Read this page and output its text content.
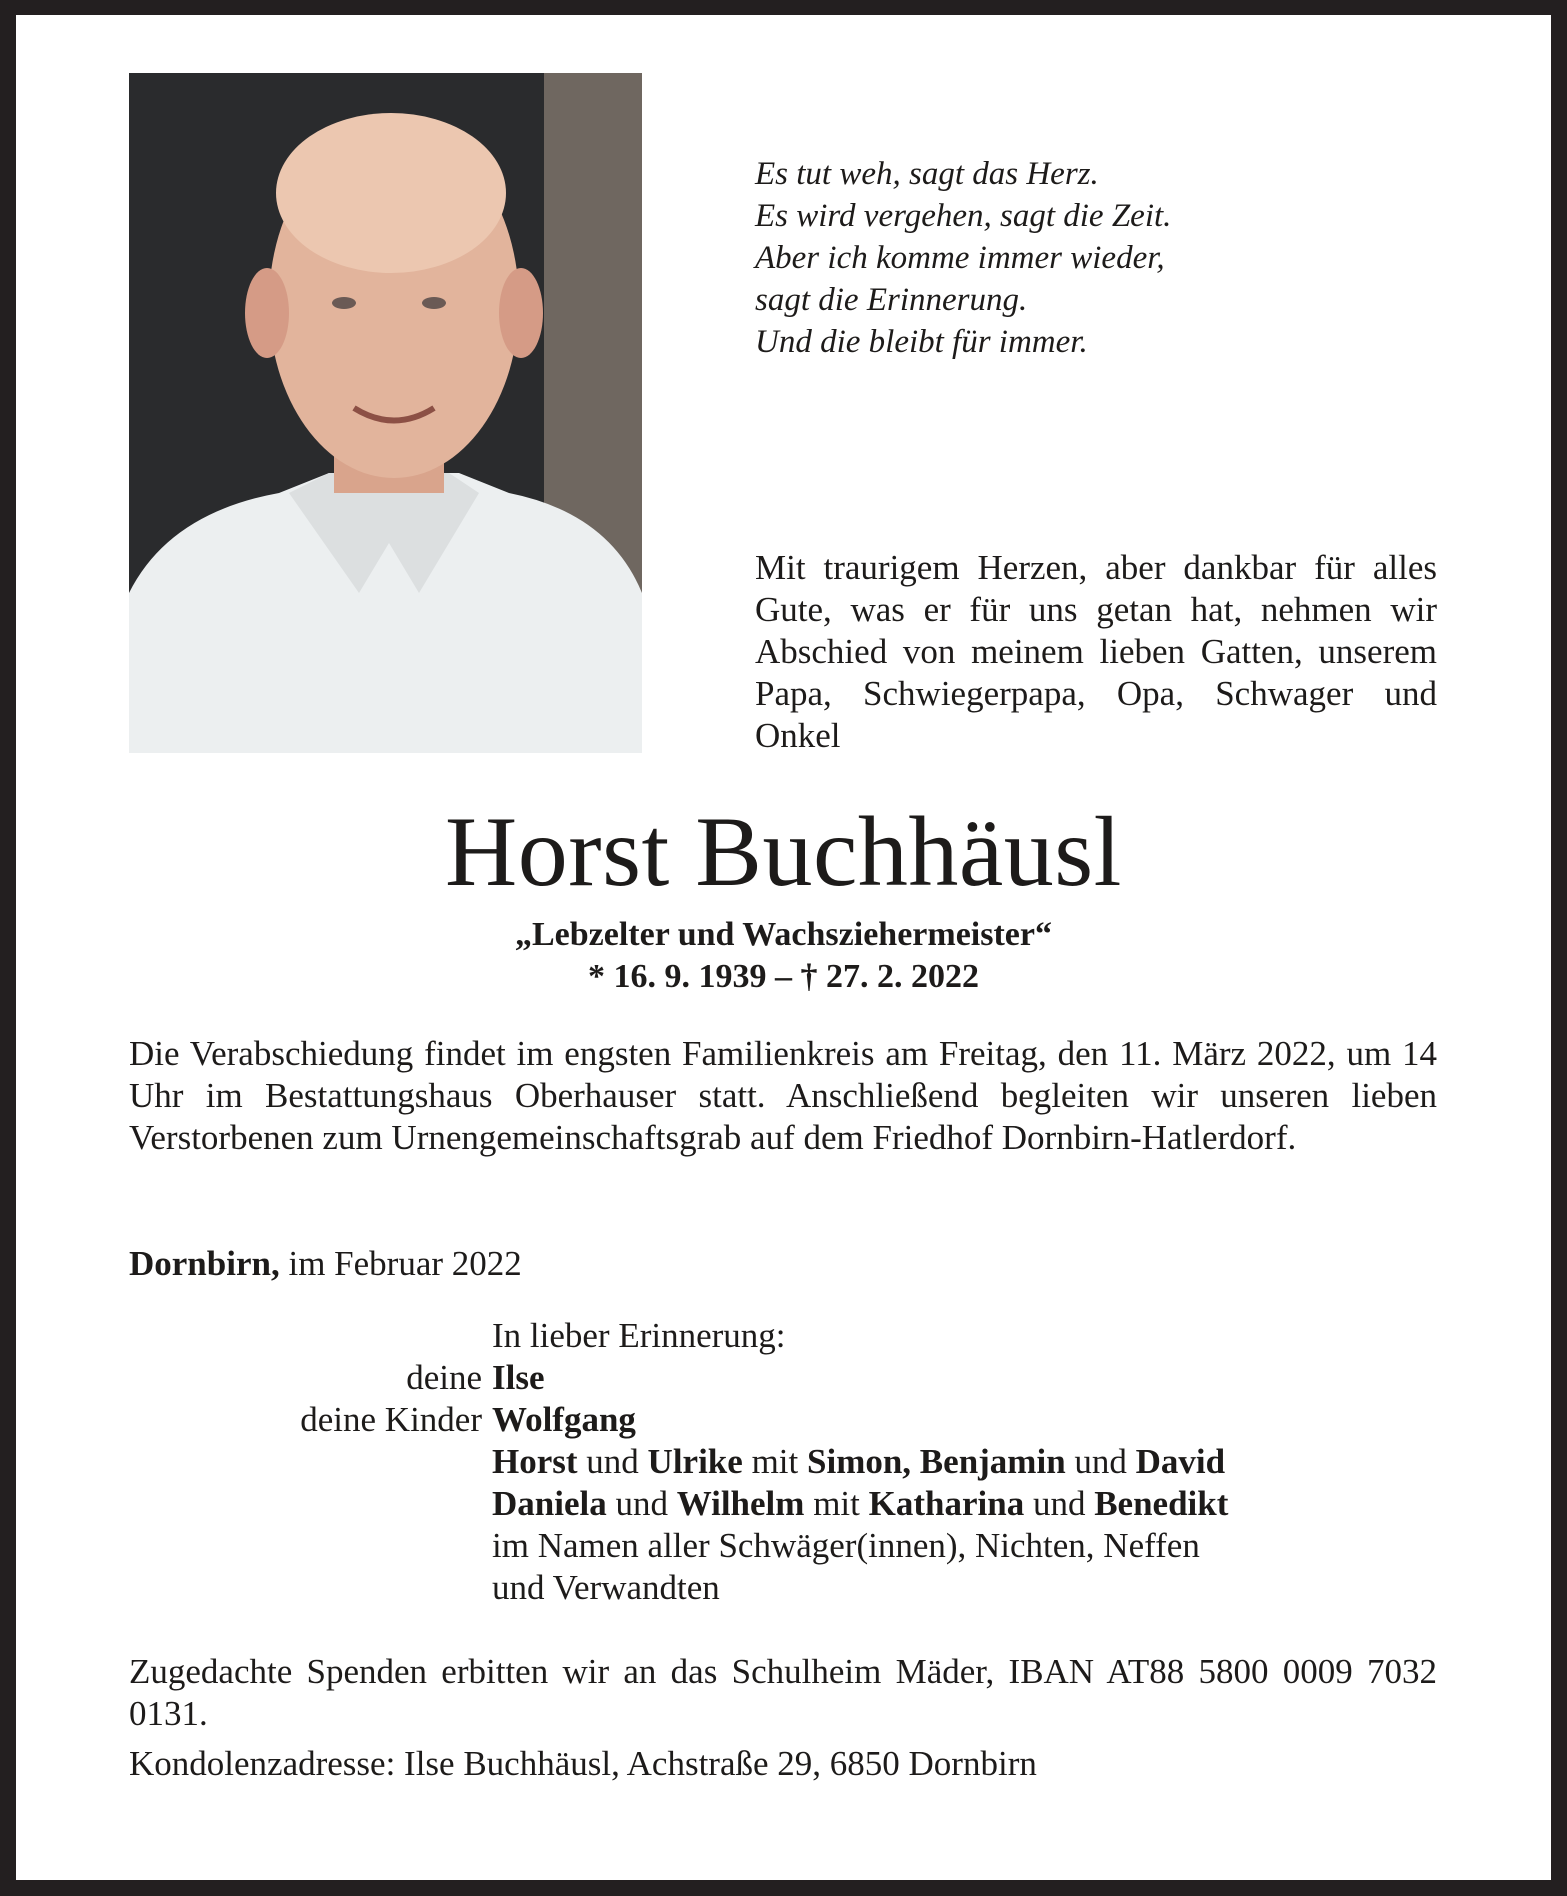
Es tut weh, sagt das Herz.
Es wird vergehen, sagt die Zeit.
Aber ich komme immer wieder,
sagt die Erinnerung.
Und die bleibt für immer.
Mit traurigem Herzen, aber dankbar für alles Gute, was er für uns getan hat, nehmen wir Abschied von meinem lieben Gatten, unserem Papa, Schwiegerpapa, Opa, Schwager und Onkel
Horst Buchhäusl
„Lebzelter und Wachsziehermeister“
* 16. 9. 1939 – † 27. 2. 2022
Die Verabschiedung findet im engsten Familienkreis am Freitag, den 11. März 2022, um 14 Uhr im Bestattungshaus Oberhauser statt. Anschließend begleiten wir unseren lieben Verstorbenen zum Urnengemeinschaftsgrab auf dem Friedhof Dornbirn-Hatlerdorf.
Dornbirn, im Februar 2022
In lieber Erinnerung:
deine Ilse
deine Kinder Wolfgang
Horst und Ulrike mit Simon, Benjamin und David
Daniela und Wilhelm mit Katharina und Benedikt
im Namen aller Schwäger(innen), Nichten, Neffen
und Verwandten
Zugedachte Spenden erbitten wir an das Schulheim Mäder, IBAN AT88 5800 0009 7032 0131.
Kondolenzadresse: Ilse Buchhäusl, Achstraße 29, 6850 Dornbirn
